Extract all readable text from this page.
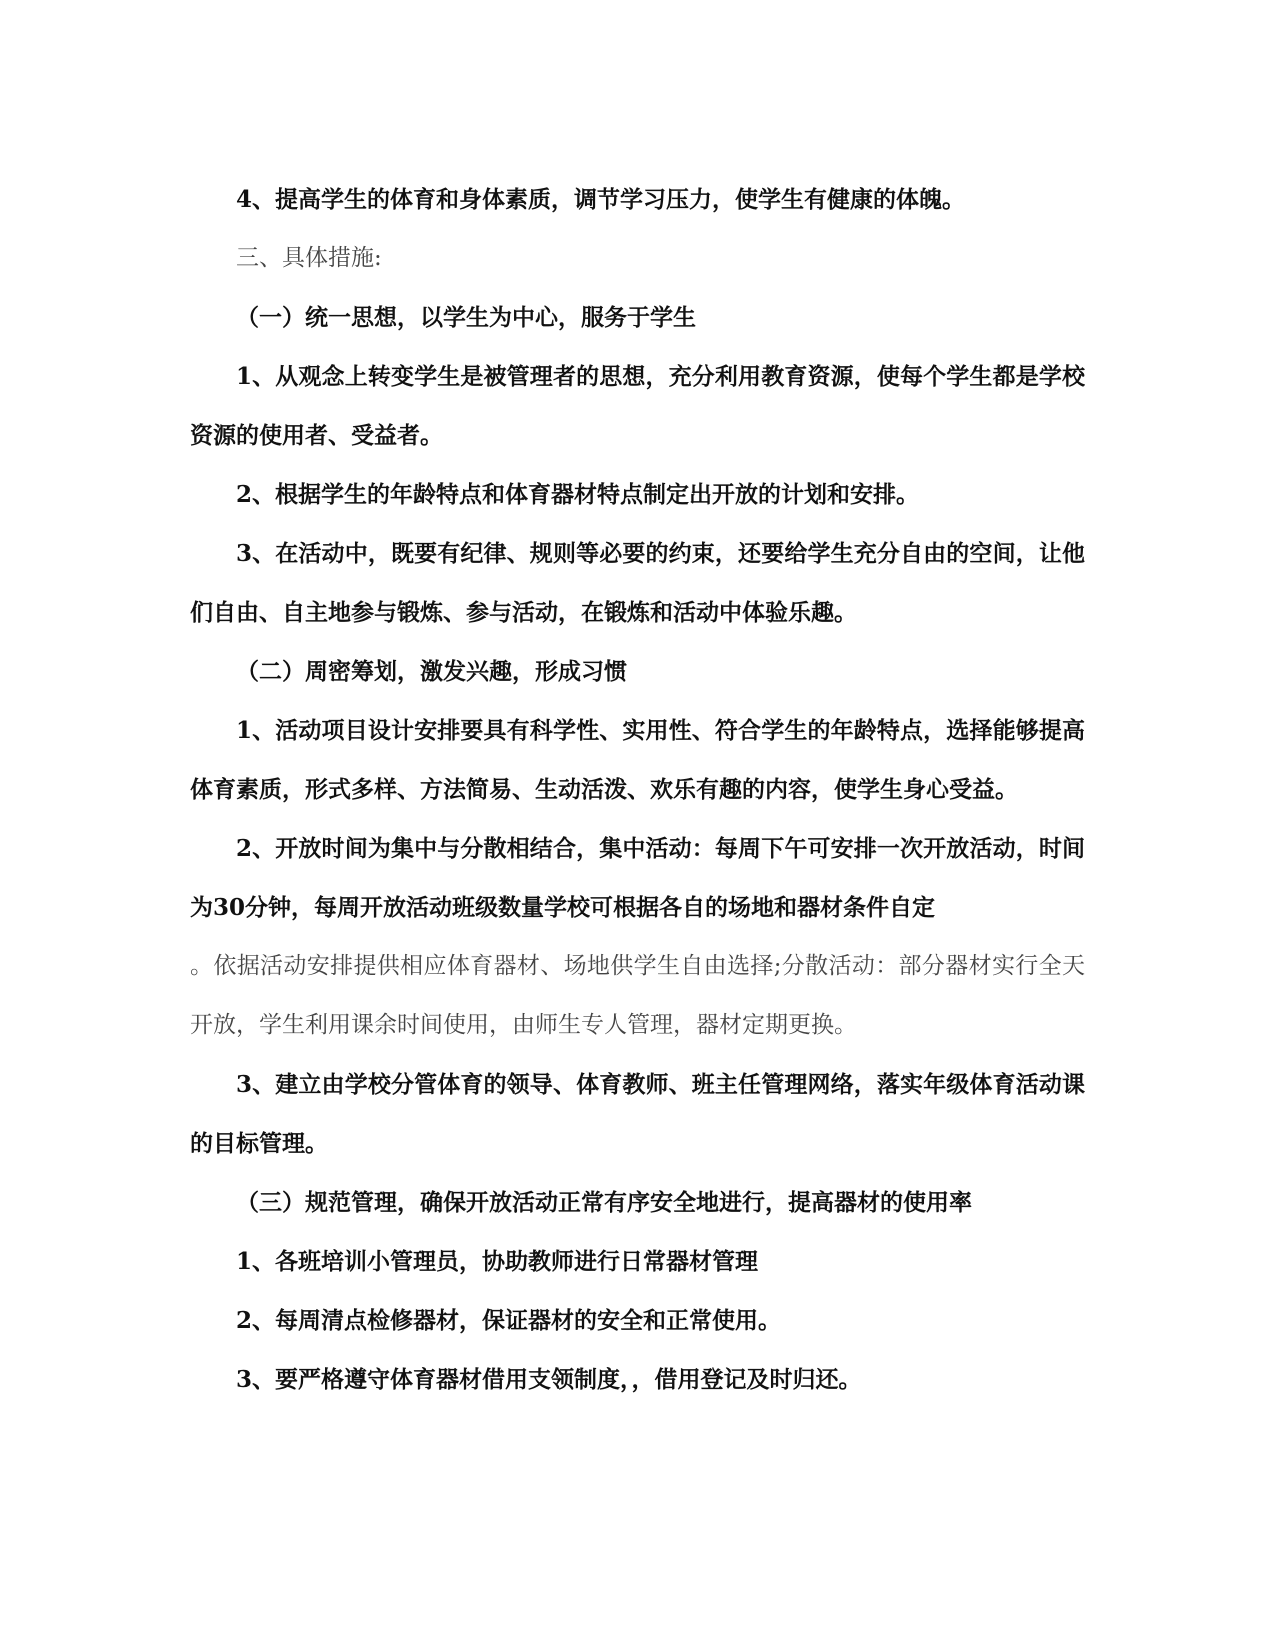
4、提高学生的体育和身体素质，调节学习压力，使学生有健康的体魄。

三、具体措施:

（一）统一思想，以学生为中心，服务于学生

1、从观念上转变学生是被管理者的思想，充分利用教育资源，使每个学生都是学校资源的使用者、受益者。

2、根据学生的年龄特点和体育器材特点制定出开放的计划和安排。

3、在活动中，既要有纪律、规则等必要的约束，还要给学生充分自由的空间，让他们自由、自主地参与锻炼、参与活动，在锻炼和活动中体验乐趣。

（二）周密筹划，激发兴趣，形成习惯

1、活动项目设计安排要具有科学性、实用性、符合学生的年龄特点，选择能够提高体育素质，形式多样、方法简易、生动活泼、欢乐有趣的内容，使学生身心受益。

2、开放时间为集中与分散相结合，集中活动：每周下午可安排一次开放活动，时间为30分钟，每周开放活动班级数量学校可根据各自的场地和器材条件自定

。依据活动安排提供相应体育器材、场地供学生自由选择;分散活动：部分器材实行全天开放，学生利用课余时间使用，由师生专人管理，器材定期更换。

3、建立由学校分管体育的领导、体育教师、班主任管理网络，落实年级体育活动课的目标管理。

（三）规范管理，确保开放活动正常有序安全地进行，提高器材的使用率

1、各班培训小管理员，协助教师进行日常器材管理

2、每周清点检修器材，保证器材的安全和正常使用。

3、要严格遵守体育器材借用支领制度，，借用登记及时归还。
